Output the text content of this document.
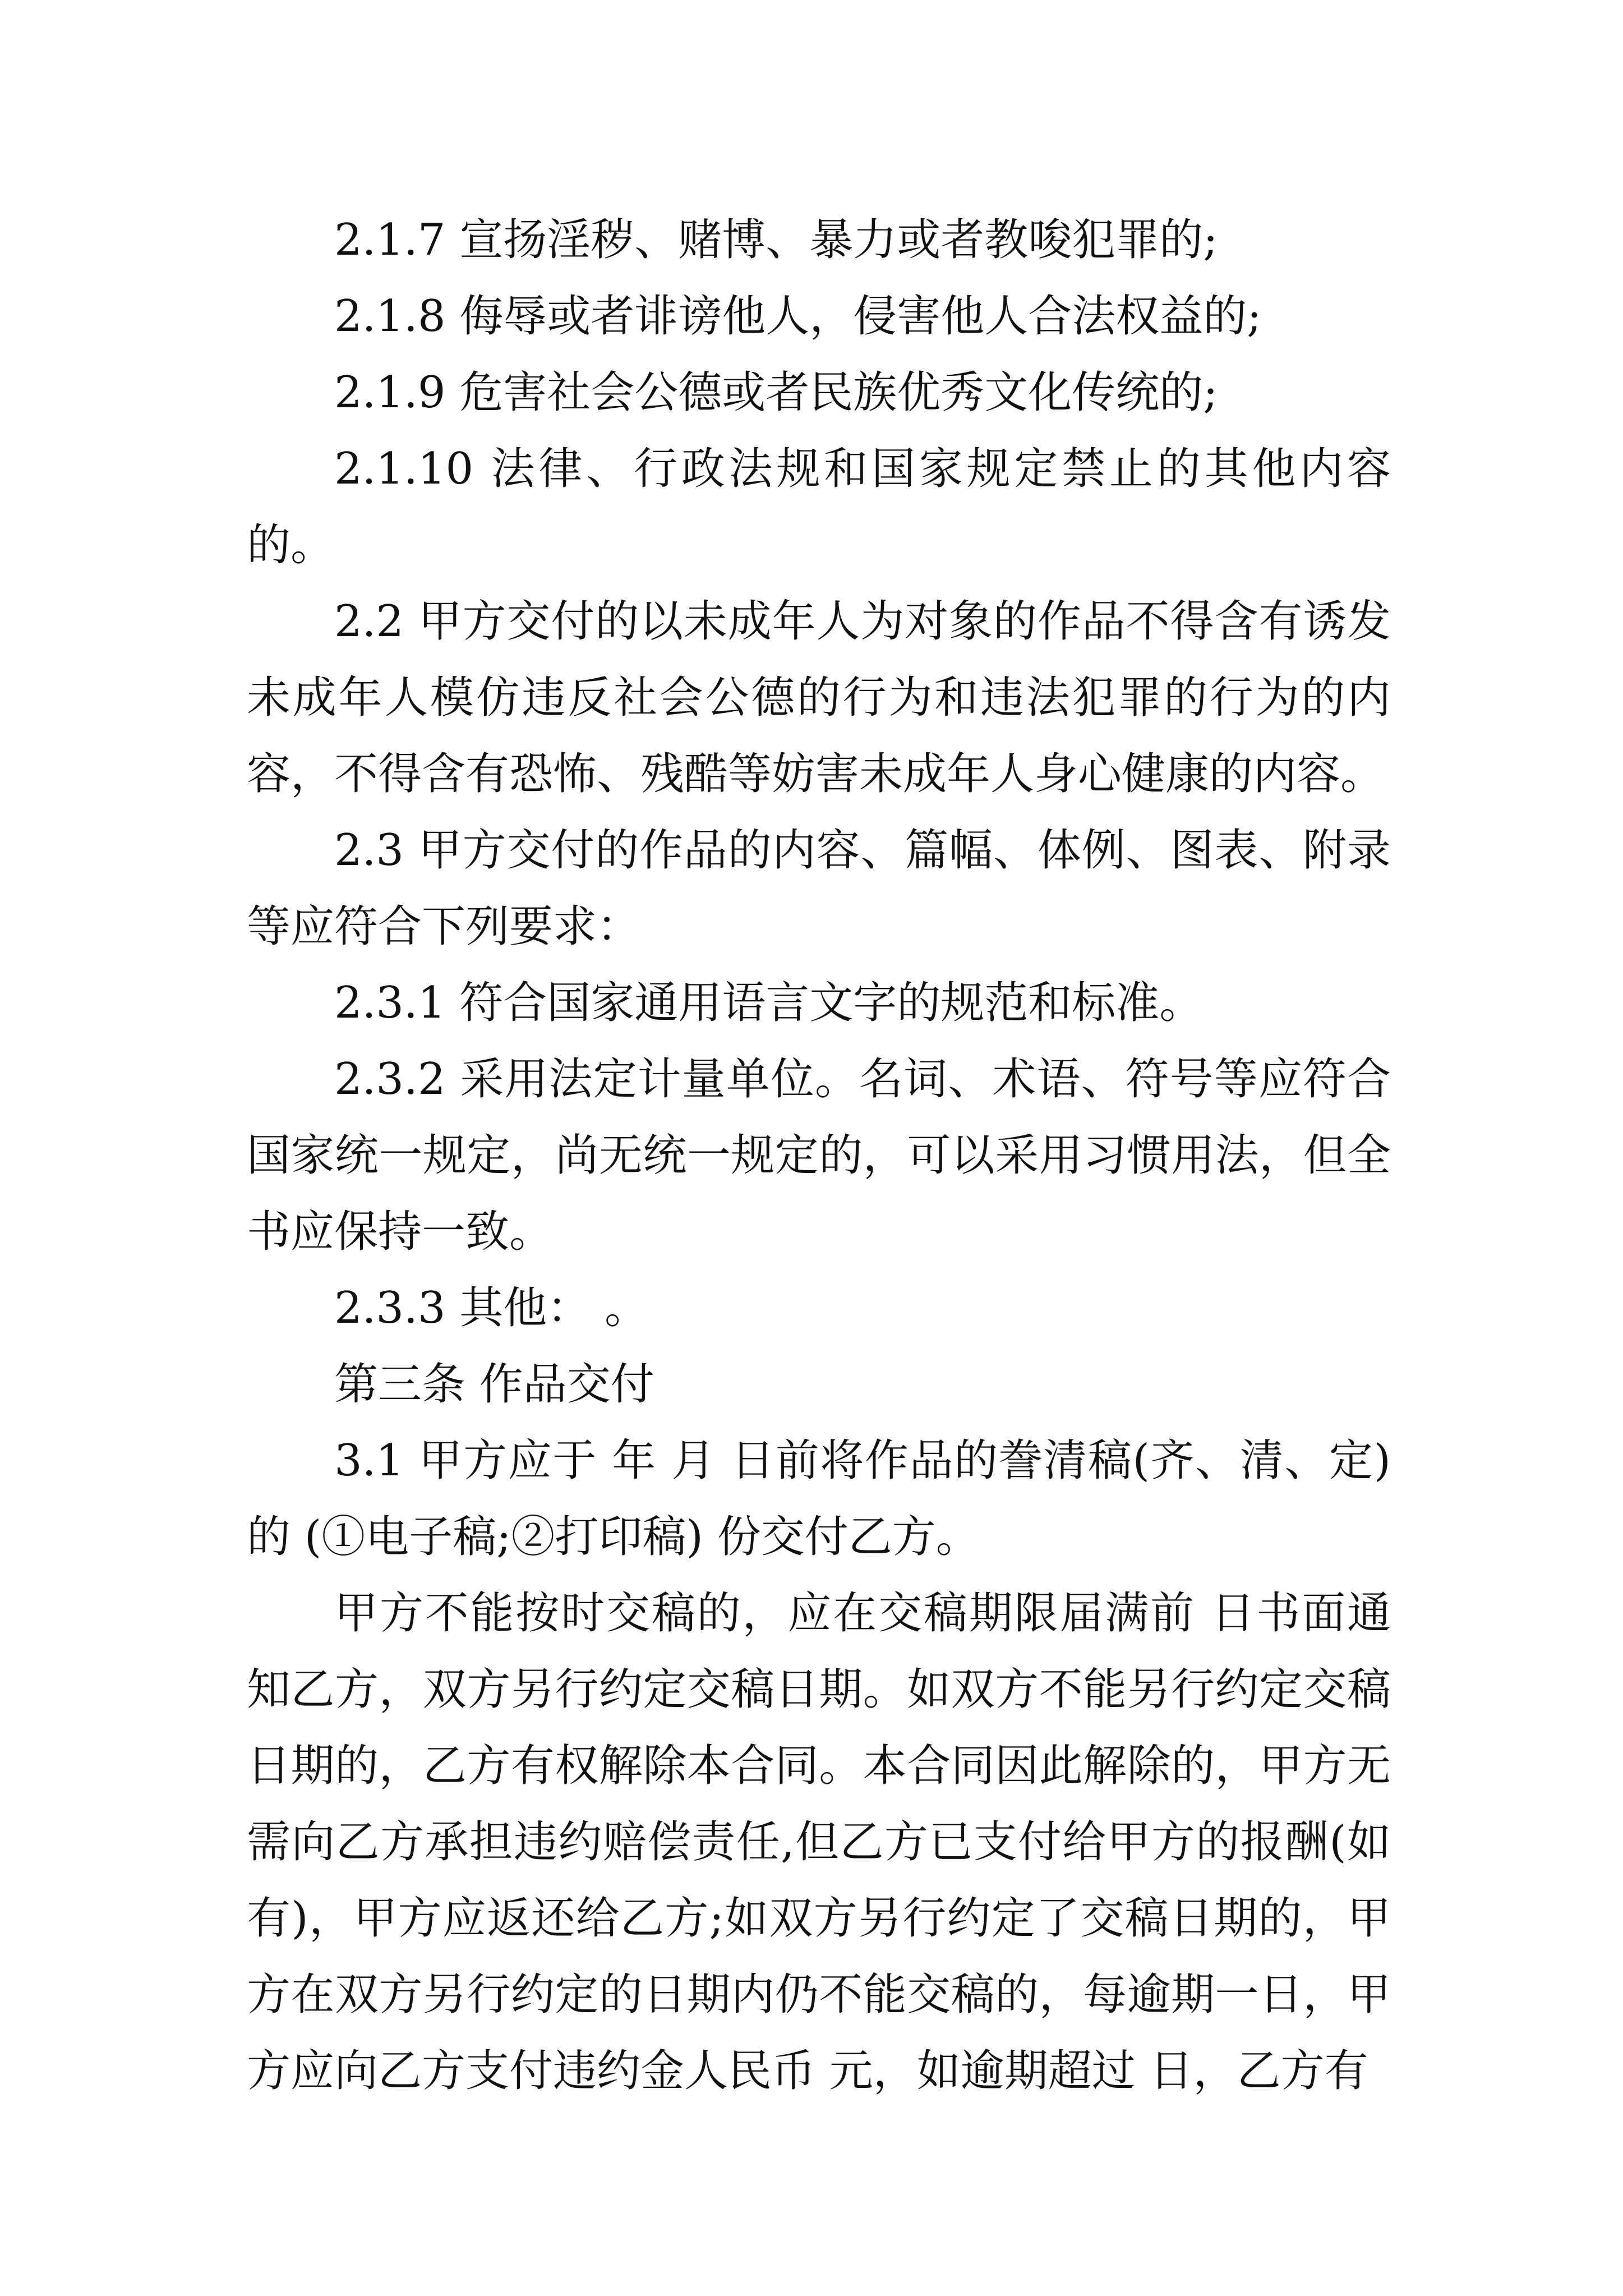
2.1.7 宣扬淫秽、赌博、暴力或者教唆犯罪的;

2.1.8 侮辱或者诽谤他人，侵害他人合法权益的;

2.1.9 危害社会公德或者民族优秀文化传统的;

2.1.10 法律、行政法规和国家规定禁止的其他内容的。

2.2 甲方交付的以未成年人为对象的作品不得含有诱发未成年人模仿违反社会公德的行为和违法犯罪的行为的内容，不得含有恐怖、残酷等妨害未成年人身心健康的内容。

2.3 甲方交付的作品的内容、篇幅、体例、图表、附录等应符合下列要求：

2.3.1 符合国家通用语言文字的规范和标准。

2.3.2 采用法定计量单位。名词、术语、符号等应符合国家统一规定，尚无统一规定的，可以采用习惯用法，但全书应保持一致。

2.3.3 其他： 。

第三条 作品交付

3.1 甲方应于 年 月 日前将作品的誊清稿(齐、清、定)的 (①电子稿;②打印稿) 份交付乙方。

甲方不能按时交稿的，应在交稿期限届满前 日书面通知乙方，双方另行约定交稿日期。如双方不能另行约定交稿日期的，乙方有权解除本合同。本合同因此解除的，甲方无需向乙方承担违约赔偿责任,但乙方已支付给甲方的报酬(如有)，甲方应返还给乙方;如双方另行约定了交稿日期的，甲方在双方另行约定的日期内仍不能交稿的，每逾期一日，甲方应向乙方支付违约金人民币 元，如逾期超过 日，乙方有
